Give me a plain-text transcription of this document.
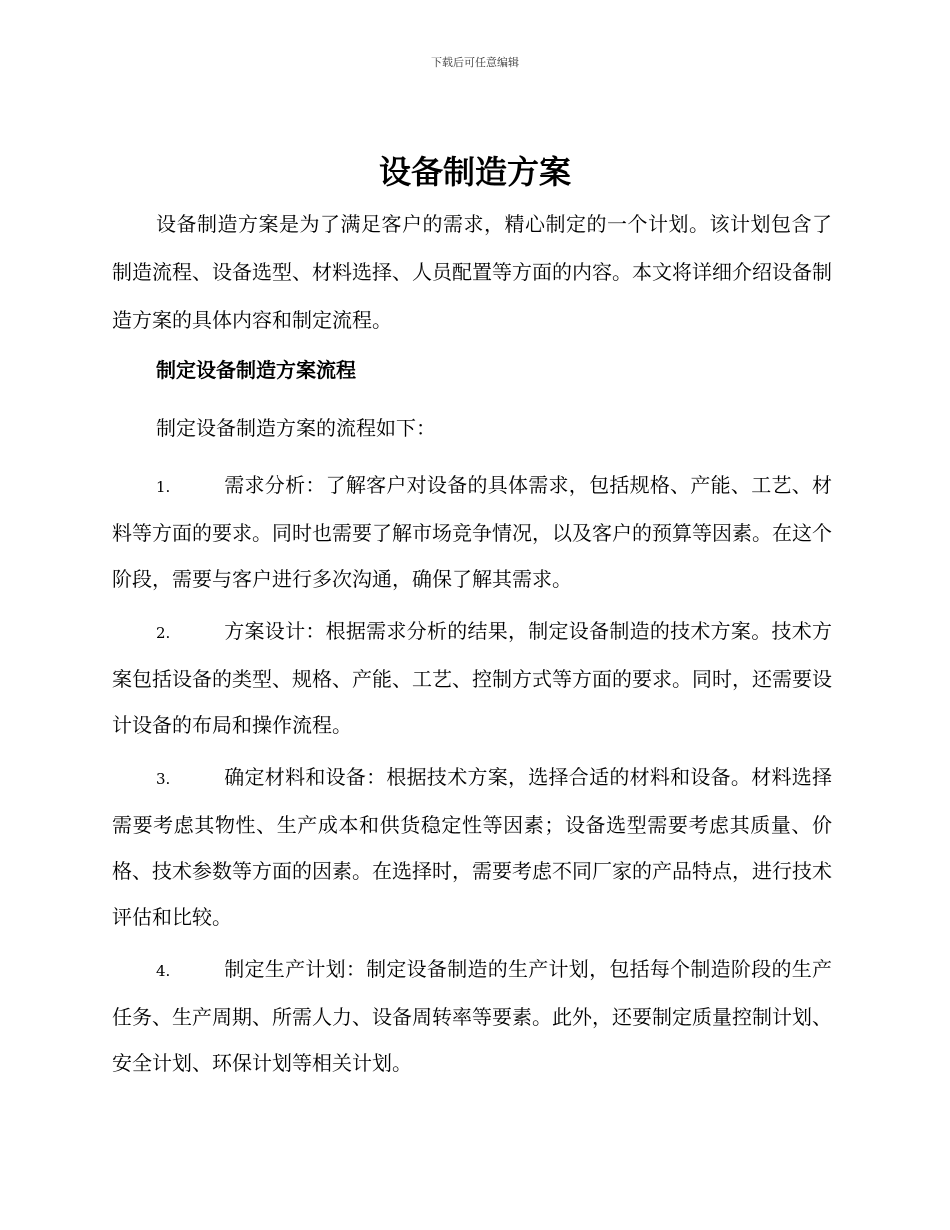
下载后可任意编辑
设备制造方案

设备制造方案是为了满足客户的需求，精心制定的一个计划。该计划包含了制造流程、设备选型、材料选择、人员配置等方面的内容。本文将详细介绍设备制造方案的具体内容和制定流程。

制定设备制造方案流程

制定设备制造方案的流程如下：

1.	需求分析：了解客户对设备的具体需求，包括规格、产能、工艺、材料等方面的要求。同时也需要了解市场竞争情况，以及客户的预算等因素。在这个阶段，需要与客户进行多次沟通，确保了解其需求。
2.	方案设计：根据需求分析的结果，制定设备制造的技术方案。技术方案包括设备的类型、规格、产能、工艺、控制方式等方面的要求。同时，还需要设计设备的布局和操作流程。
3.	确定材料和设备：根据技术方案，选择合适的材料和设备。材料选择需要考虑其物性、生产成本和供货稳定性等因素；设备选型需要考虑其质量、价格、技术参数等方面的因素。在选择时，需要考虑不同厂家的产品特点，进行技术评估和比较。
4.	制定生产计划：制定设备制造的生产计划，包括每个制造阶段的生产任务、生产周期、所需人力、设备周转率等要素。此外，还要制定质量控制计划、安全计划、环保计划等相关计划。
